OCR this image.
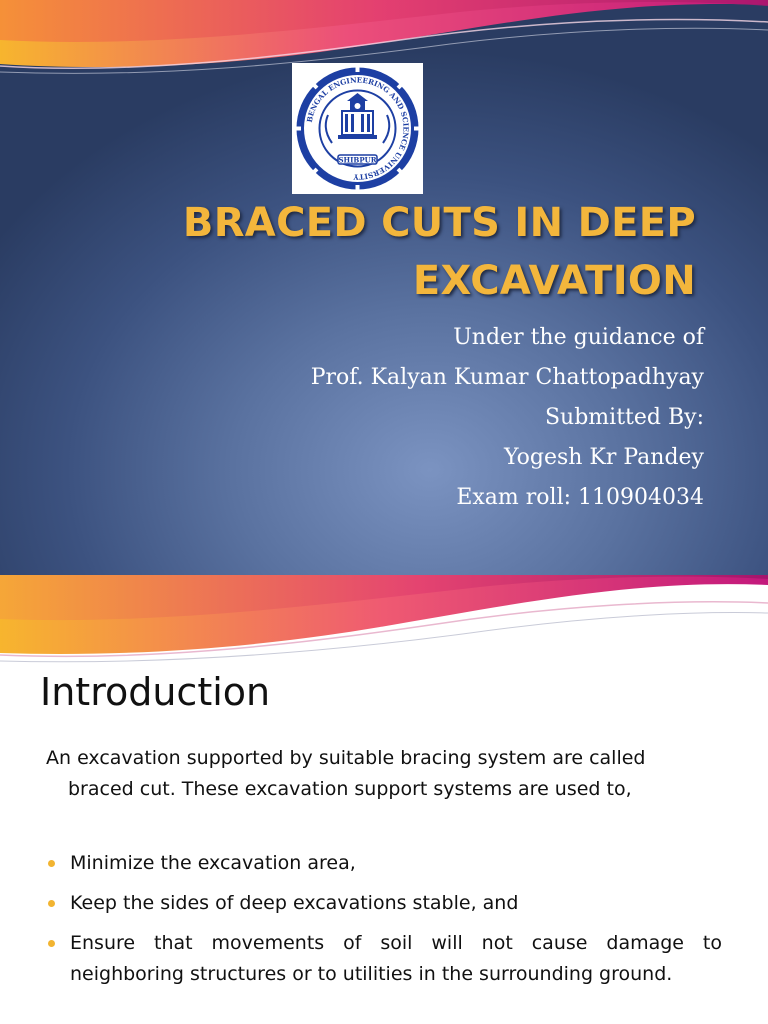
BENGAL ENGINEERING AND SCIENCE UNIVERSITY
SHIBPUR
BRACED CUTS IN DEEP
EXCAVATION
Under the guidance of
Prof. Kalyan Kumar Chattopadhyay
Submitted By:
Yogesh Kr Pandey
Exam roll: 110904034
Introduction

An excavation supported by suitable bracing system are called
braced cut. These excavation support systems are used to,

Minimize the excavation area,
Keep the sides of deep excavations stable, and
Ensure that movements of soil will not cause damage to neighboring structures or to utilities in the surrounding ground.
